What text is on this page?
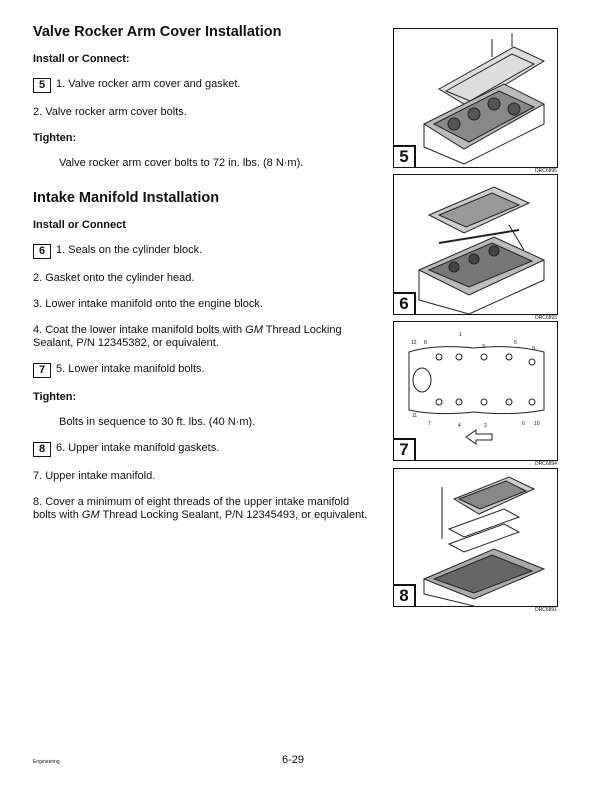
Valve Rocker Arm Cover Installation
Install or Connect:
5 1. Valve rocker arm cover and gasket.
2. Valve rocker arm cover bolts.
Tighten:
Valve rocker arm cover bolts to 72 in. lbs. (8 N·m).
Intake Manifold Installation
Install or Connect
6 1. Seals on the cylinder block.
2. Gasket onto the cylinder head.
3. Lower intake manifold onto the engine block.
4. Coat the lower intake manifold bolts with GM Thread Locking Sealant, P/N 12345382, or equivalent.
7 5. Lower intake manifold bolts.
Tighten:
Bolts in sequence to 30 ft. lbs. (40 N·m).
8 6. Upper intake manifold gaskets.
7. Upper intake manifold.
8. Cover a minimum of eight threads of the upper intake manifold bolts with GM Thread Locking Sealant, P/N 12345493, or equivalent.
5
DRC6895
6
DRC6893
12 8
1
3
5
9
11
7	4	2	6 10
7
DRC6894
8
DRC6891
Engineering	6-29
